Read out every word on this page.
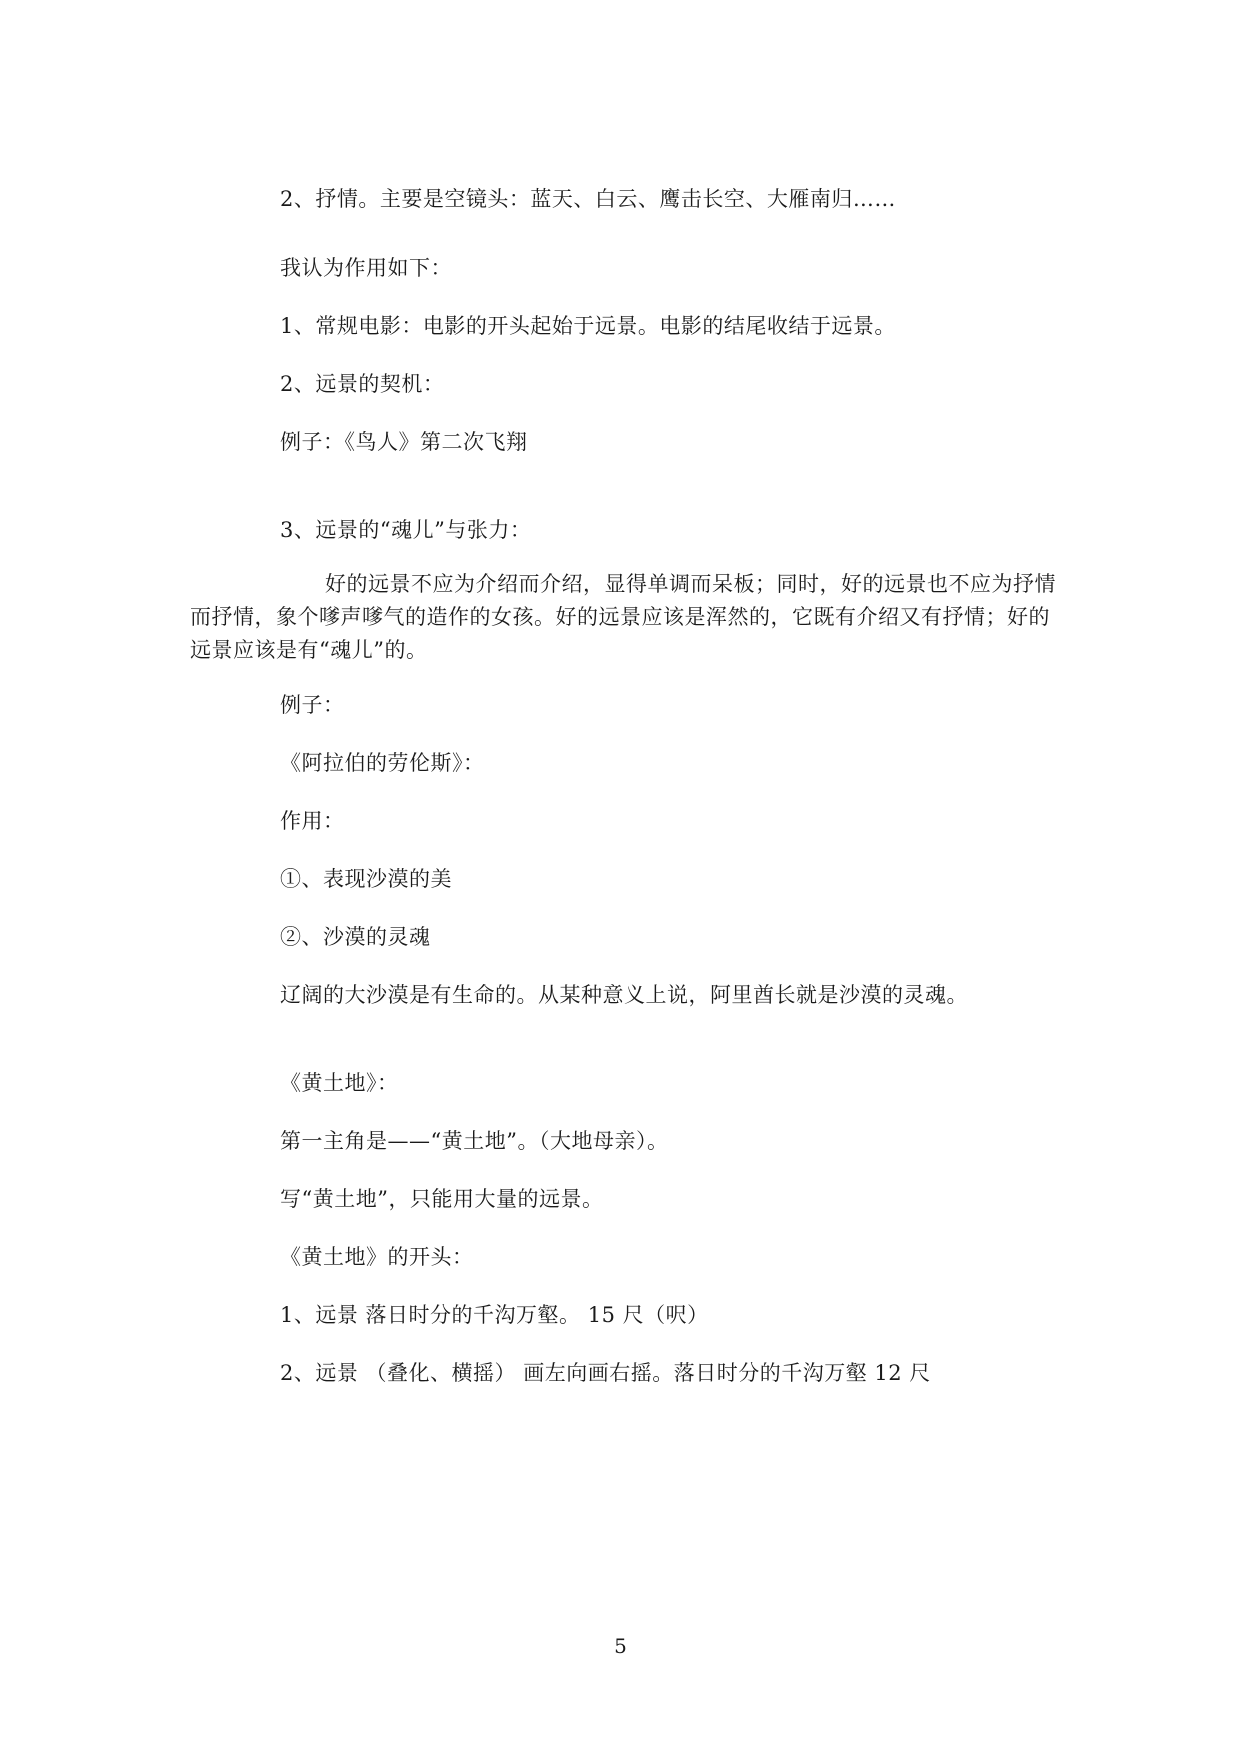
2、抒情。主要是空镜头：蓝天、白云、鹰击长空、大雁南归……
我认为作用如下：
1、常规电影：电影的开头起始于远景。电影的结尾收结于远景。
2、远景的契机：
例子：《鸟人》第二次飞翔
3、远景的“魂儿”与张力：
好的远景不应为介绍而介绍，显得单调而呆板；同时，好的远景也不应为抒情而抒情，象个嗲声嗲气的造作的女孩。好的远景应该是浑然的，它既有介绍又有抒情；好的远景应该是有“魂儿”的。
例子：
《阿拉伯的劳伦斯》：
作用：
①、表现沙漠的美
②、沙漠的灵魂
辽阔的大沙漠是有生命的。从某种意义上说，阿里酋长就是沙漠的灵魂。
《黄土地》：
第一主角是——“黄土地”。（大地母亲）。
写“黄土地”，只能用大量的远景。
《黄土地》的开头：
1、远景 落日时分的千沟万壑。 15 尺（呎）
2、远景 （叠化、横摇） 画左向画右摇。落日时分的千沟万壑 12 尺
5
